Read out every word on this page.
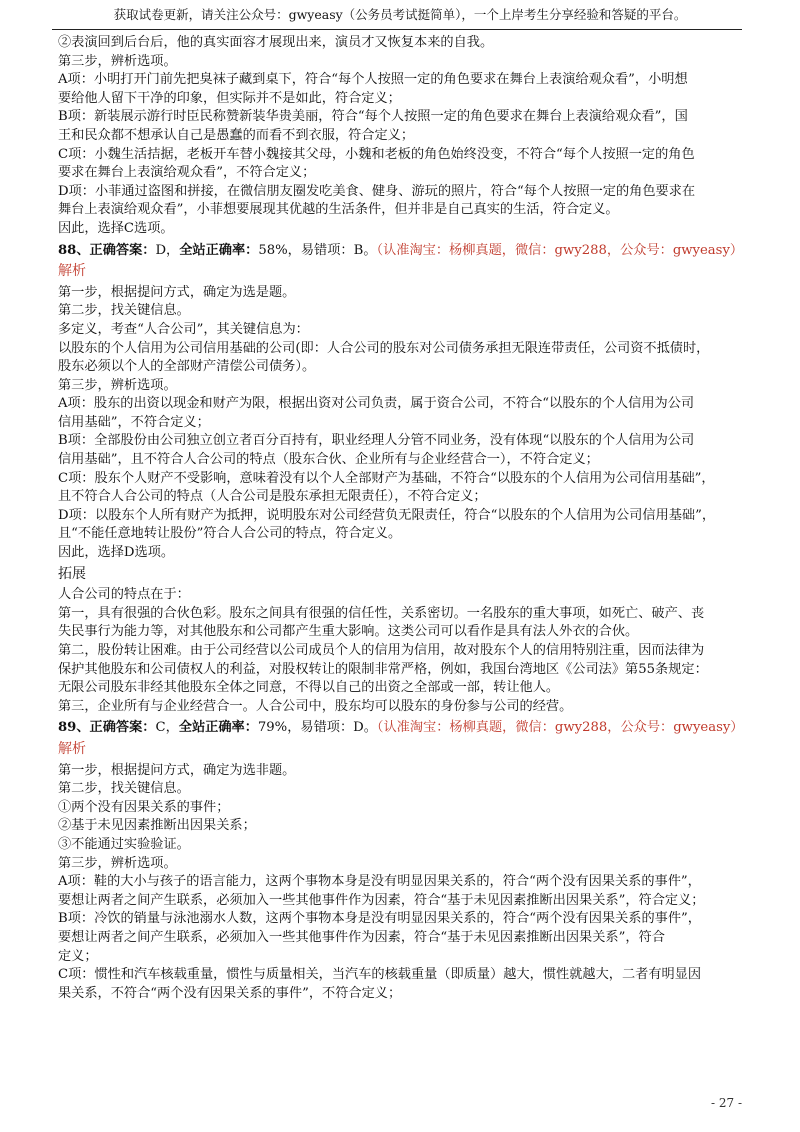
获取试卷更新，请关注公众号：gwyeasy（公务员考试挺简单），一个上岸考生分享经验和答疑的平台。

②表演回到后台后，他的真实面容才展现出来，演员才又恢复本来的自我。

第三步，辨析选项。

A项：小明打开门前先把臭袜子藏到桌下，符合“每个人按照一定的角色要求在舞台上表演给观众看”，小明想

要给他人留下干净的印象，但实际并不是如此，符合定义；

B项：新装展示游行时臣民称赞新装华贵美丽，符合“每个人按照一定的角色要求在舞台上表演给观众看”，国

王和民众都不想承认自己是愚蠢的而看不到衣服，符合定义；

C项：小魏生活拮据，老板开车替小魏接其父母，小魏和老板的角色始终没变，不符合“每个人按照一定的角色

要求在舞台上表演给观众看”，不符合定义；

D项：小菲通过盗图和拼接，在微信朋友圈发吃美食、健身、游玩的照片，符合“每个人按照一定的角色要求在

舞台上表演给观众看”，小菲想要展现其优越的生活条件，但并非是自己真实的生活，符合定义。

因此，选择C选项。

88、正确答案：D，全站正确率：58%，易错项：B。（认准淘宝：杨柳真题，微信：gwy288，公众号：gwyeasy）

解析

第一步，根据提问方式，确定为选是题。

第二步，找关键信息。

多定义，考查“人合公司”，其关键信息为：

以股东的个人信用为公司信用基础的公司(即：人合公司的股东对公司债务承担无限连带责任，公司资不抵债时，

股东必须以个人的全部财产清偿公司债务）。

第三步，辨析选项。

A项：股东的出资以现金和财产为限，根据出资对公司负责，属于资合公司，不符合“以股东的个人信用为公司

信用基础”，不符合定义；

B项：全部股份由公司独立创立者百分百持有，职业经理人分管不同业务，没有体现“以股东的个人信用为公司

信用基础”，且不符合人合公司的特点（股东合伙、企业所有与企业经营合一），不符合定义；

C项：股东个人财产不受影响，意味着没有以个人全部财产为基础，不符合“以股东的个人信用为公司信用基础”，

且不符合人合公司的特点（人合公司是股东承担无限责任），不符合定义；

D项：以股东个人所有财产为抵押，说明股东对公司经营负无限责任，符合“以股东的个人信用为公司信用基础”，

且“不能任意地转让股份”符合人合公司的特点，符合定义。

因此，选择D选项。

拓展

人合公司的特点在于：

第一，具有很强的合伙色彩。股东之间具有很强的信任性，关系密切。一名股东的重大事项，如死亡、破产、丧

失民事行为能力等，对其他股东和公司都产生重大影响。这类公司可以看作是具有法人外衣的合伙。

第二，股份转让困难。由于公司经营以公司成员个人的信用为信用，故对股东个人的信用特别注重，因而法律为

保护其他股东和公司债权人的利益，对股权转让的限制非常严格，例如，我国台湾地区《公司法》第55条规定：

无限公司股东非经其他股东全体之同意，不得以自己的出资之全部或一部，转让他人。

第三，企业所有与企业经营合一。人合公司中，股东均可以股东的身份参与公司的经营。

89、正确答案：C，全站正确率：79%，易错项：D。（认准淘宝：杨柳真题，微信：gwy288，公众号：gwyeasy）

解析

第一步，根据提问方式，确定为选非题。

第二步，找关键信息。

①两个没有因果关系的事件；

②基于未见因素推断出因果关系；

③不能通过实验验证。

第三步，辨析选项。

A项：鞋的大小与孩子的语言能力，这两个事物本身是没有明显因果关系的，符合“两个没有因果关系的事件”，

要想让两者之间产生联系，必须加入一些其他事件作为因素，符合“基于未见因素推断出因果关系”，符合定义；

B项：冷饮的销量与泳池溺水人数，这两个事物本身是没有明显因果关系的，符合“两个没有因果关系的事件”，

要想让两者之间产生联系，必须加入一些其他事件作为因素，符合“基于未见因素推断出因果关系”，符合

定义；

C项：惯性和汽车核载重量，惯性与质量相关，当汽车的核载重量（即质量）越大，惯性就越大，二者有明显因

果关系，不符合“两个没有因果关系的事件”，不符合定义；

- 27 -
